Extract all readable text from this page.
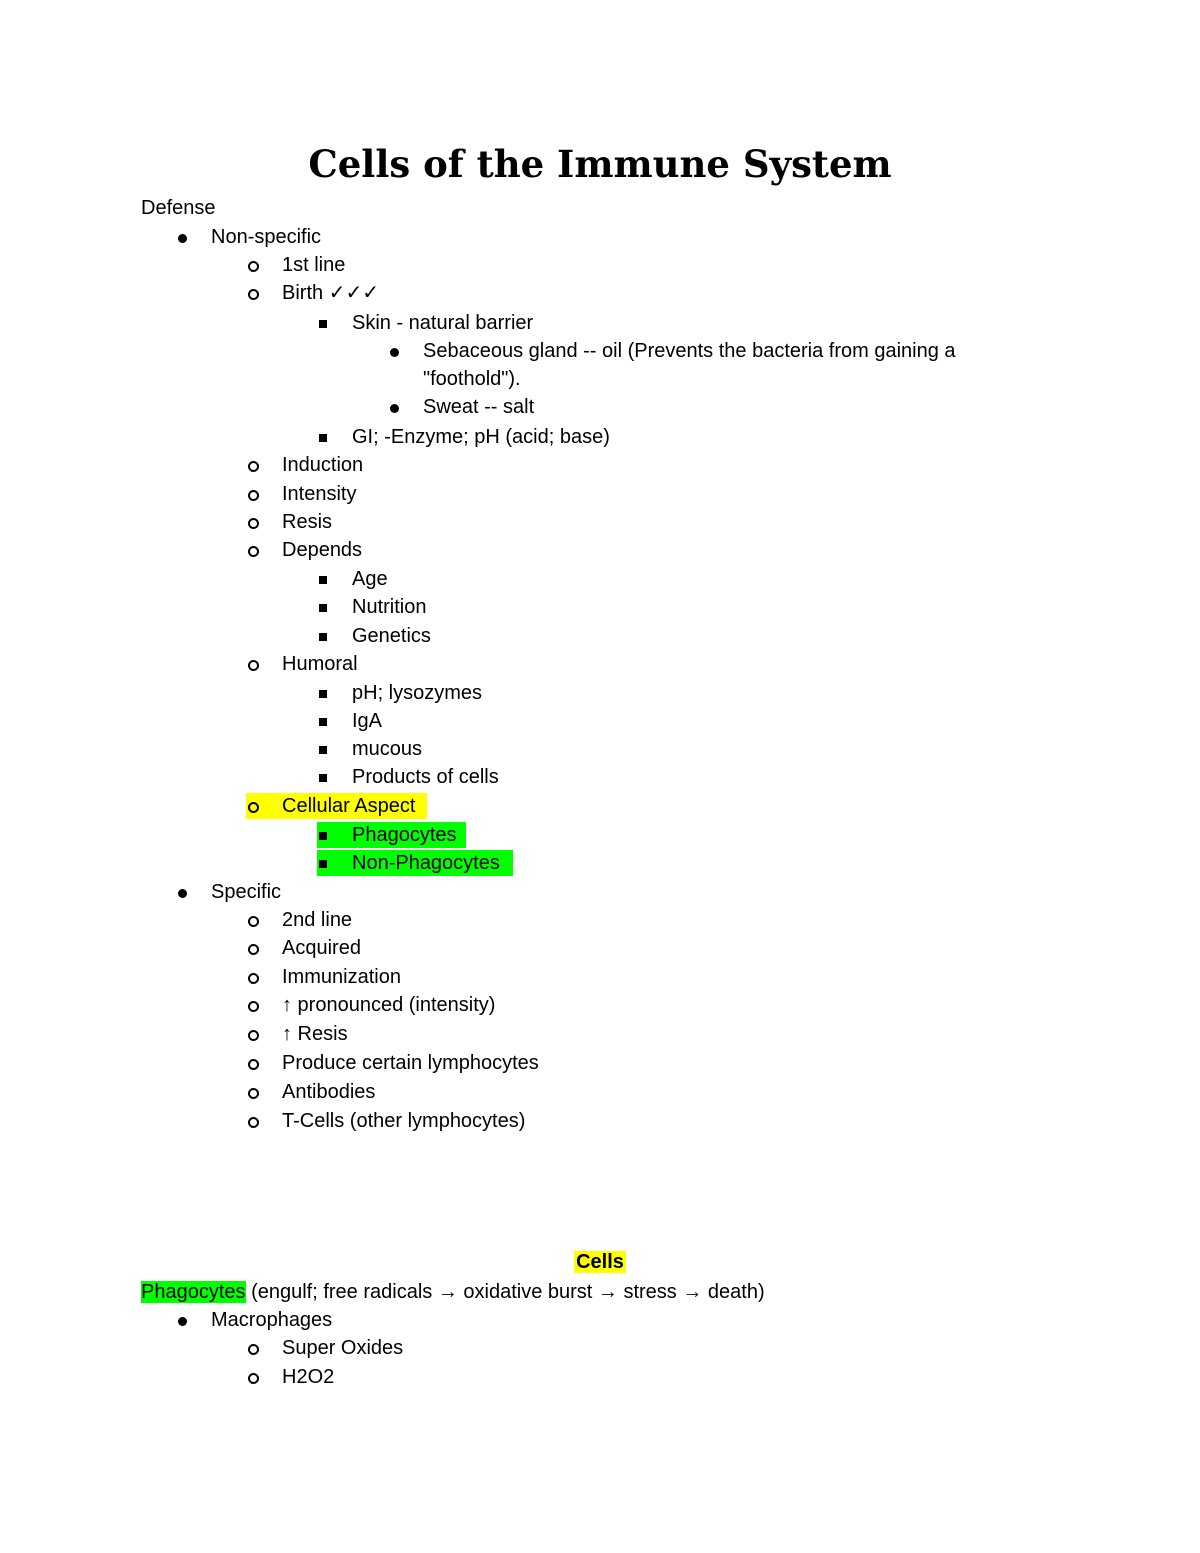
Cells of the Immune System
Defense
Non-specific
1st line
Birth ✓✓✓
Skin - natural barrier
Sebaceous gland -- oil (Prevents the bacteria from gaining a
"foothold").
Sweat -- salt
GI; -Enzyme; pH (acid; base)
Induction
Intensity
Resis
Depends
Age
Nutrition
Genetics
Humoral
pH; lysozymes
IgA
mucous
Products of cells
Cellular Aspect
Phagocytes
Non-Phagocytes
Specific
2nd line
Acquired
Immunization
↑ pronounced (intensity)
↑ Resis
Produce certain lymphocytes
Antibodies
T-Cells (other lymphocytes)
Cells
Phagocytes (engulf; free radicals → oxidative burst → stress → death)
Macrophages
Super Oxides
H2O2
